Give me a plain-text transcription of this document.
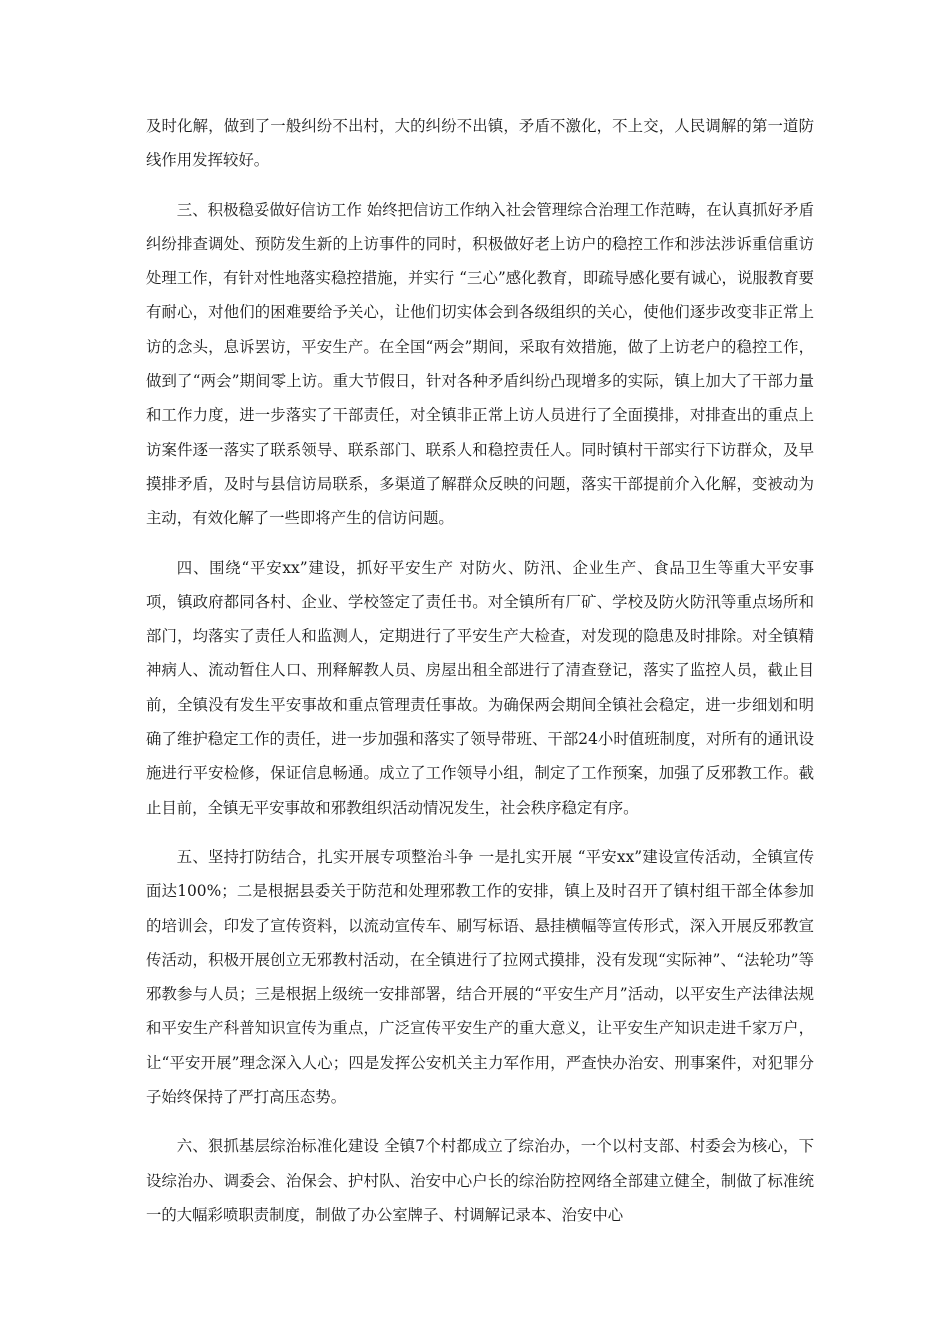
及时化解，做到了一般纠纷不出村，大的纠纷不出镇，矛盾不激化，不上交，人民调解的第一道防线作用发挥较好。

三、积极稳妥做好信访工作 始终把信访工作纳入社会管理综合治理工作范畴，在认真抓好矛盾纠纷排查调处、预防发生新的上访事件的同时，积极做好老上访户的稳控工作和涉法涉诉重信重访处理工作，有针对性地落实稳控措施，并实行 “三心”感化教育，即疏导感化要有诚心，说服教育要有耐心，对他们的困难要给予关心，让他们切实体会到各级组织的关心，使他们逐步改变非正常上访的念头，息诉罢访，平安生产。在全国“两会”期间，采取有效措施，做了上访老户的稳控工作，做到了“两会”期间零上访。重大节假日，针对各种矛盾纠纷凸现增多的实际，镇上加大了干部力量和工作力度，进一步落实了干部责任，对全镇非正常上访人员进行了全面摸排，对排查出的重点上访案件逐一落实了联系领导、联系部门、联系人和稳控责任人。同时镇村干部实行下访群众，及早摸排矛盾，及时与县信访局联系，多渠道了解群众反映的问题，落实干部提前介入化解，变被动为主动，有效化解了一些即将产生的信访问题。

四、围绕“平安xx”建设，抓好平安生产 对防火、防汛、企业生产、食品卫生等重大平安事项，镇政府都同各村、企业、学校签定了责任书。对全镇所有厂矿、学校及防火防汛等重点场所和部门，均落实了责任人和监测人，定期进行了平安生产大检查，对发现的隐患及时排除。对全镇精神病人、流动暂住人口、刑释解教人员、房屋出租全部进行了清查登记，落实了监控人员，截止目前，全镇没有发生平安事故和重点管理责任事故。为确保两会期间全镇社会稳定，进一步细划和明确了维护稳定工作的责任，进一步加强和落实了领导带班、干部24小时值班制度，对所有的通讯设施进行平安检修，保证信息畅通。成立了工作领导小组，制定了工作预案，加强了反邪教工作。截止目前，全镇无平安事故和邪教组织活动情况发生，社会秩序稳定有序。

五、坚持打防结合，扎实开展专项整治斗争 一是扎实开展 “平安xx”建设宣传活动，全镇宣传面达100%；二是根据县委关于防范和处理邪教工作的安排，镇上及时召开了镇村组干部全体参加的培训会，印发了宣传资料，以流动宣传车、刷写标语、悬挂横幅等宣传形式，深入开展反邪教宣传活动，积极开展创立无邪教村活动，在全镇进行了拉网式摸排，没有发现“实际神”、“法轮功”等邪教参与人员；三是根据上级统一安排部署，结合开展的“平安生产月”活动，以平安生产法律法规和平安生产科普知识宣传为重点，广泛宣传平安生产的重大意义，让平安生产知识走进千家万户，让“平安开展”理念深入人心；四是发挥公安机关主力军作用，严查快办治安、刑事案件，对犯罪分子始终保持了严打高压态势。

六、狠抓基层综治标准化建设 全镇7个村都成立了综治办，一个以村支部、村委会为核心，下设综治办、调委会、治保会、护村队、治安中心户长的综治防控网络全部建立健全，制做了标准统一的大幅彩喷职责制度，制做了办公室牌子、村调解记录本、治安中心
